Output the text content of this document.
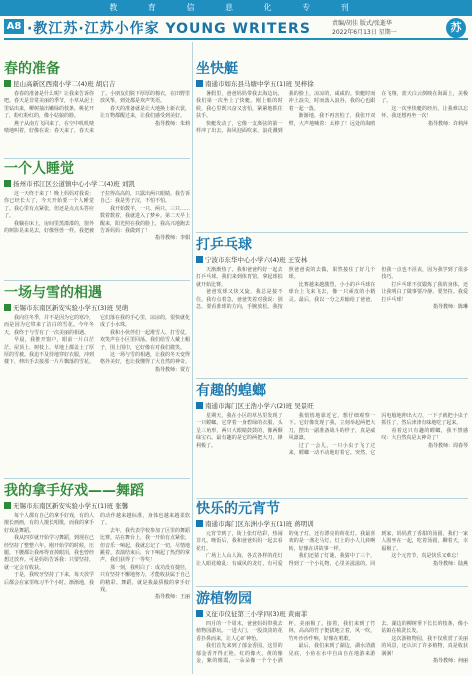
教 育 信 息 化 专 刊
A8 ·教江苏·江苏小作家 YOUNG WRITERS	责编/胡佳 版式/张逝华
2022年6月13日 星期一	苏
春的准备
昆山高新区西南小学二(4)班 胡启吉

春春的准备是什么呢？让我来告诉你吧。春天是非常美丽的季节，小草从泥土里钻出来，柳树抽出嫩绿的枝条，桃花开了，粉红粉红的，像小姑娘的脸。

燕子从南方飞回来了，在空中叽叽喳喳地叫着，好像在说：春天来了，春天来了。小朋友们脱下厚厚的棉衣，在田野里放风筝，到处都是欢声笑语。

春天的准备就是让大地换上新衣裳，让万物都醒过来，让我们感受到美好。

指导教师：朱莉
一个人睡觉
扬州市邗江区公道镇中心小学二(4)班 刘凯

这一天终于来了！晚上妈妈对我说：你已经长大了，今天开始要一个人睡觉了。我心里有点紧张，但还是点点头答应了。

我躺在床上，房间里黑漆漆的，窗外的树影晃来晃去，好像怪兽一样。我把被子拉得高高的，只露出两只眼睛。我告诉自己：我是男子汉，不怕不怕。

我开始数羊，一只、两只、三只……数着数着，我就进入了梦乡。第二天早上醒来，阳光照在我的脸上，我高兴地跑去告诉妈妈：我做到了！

指导教师：李娟
一场与雪的相遇
无锡市东南区新安实验小学五(3)班 吴萌

我向往冬季，并不是因为它的寒冷，而是因为它带来了洁白的雪花。今年冬天，我终于与雪有了一次美丽的相遇。

早晨，我推开窗户，眼前一片白茫茫。屋顶上、树枝上、草地上都盖上了厚厚的雪被。我迫不及待地穿好衣服，冲到楼下，伸出手去接那一片片飘落的雪花。它们落在我的手心里，凉凉的，很快就化成了小水珠。

我和小伙伴们一起堆雪人、打雪仗，欢笑声在小区里回荡。我们给雪人戴上帽子，围上围巾，它好像在对我们微笑。

这一场与雪的相遇，让我的冬天变得格外美好，也让我懂得了大自然的神奇。

指导教师：贾方
我的拿手好戏——舞蹈
无锡市东南区新安实验小学五(1)班 张馨

每个人都有自己的拿手好戏，有的人擅长画画，有的人擅长唱歌，而我的拿手好戏是舞蹈。

我从四岁就开始学习舞蹈，到现在已经坚持了整整六年。刚开始学的时候，压腿、下腰都让我疼得直掉眼泪，我也曾经想过放弃。可是妈妈告诉我：只要坚持，就一定会有收获。

于是，我咬牙坚持了下来，每天放学后都会在家里练习半个小时。渐渐地，我的动作越来越标准，身体也越来越柔软了。

去年，我代表学校参加了区里的舞蹈比赛。站在舞台上，我一开始有点紧张，但音乐一响起，我就忘记了一切，尽情地跳着。表演结束后，台下响起了热烈的掌声，我们获得了一等奖！

那一刻，我明白了：成功没有捷径，只有坚持不懈地努力，才能收获属于自己的精彩。舞蹈，就是我最骄傲的拿手好戏。

指导教师：王丽
坐快艇
南通市如东县马塘中学五(1)班 吴梓徐

暑假里，爸爸妈妈带我去海边玩，我们第一次坐上了快艇。刚上船的时候，我心里既兴奋又害怕，紧紧地抓住扶手。

快艇发动了，它像一支离弦的箭一样冲了出去。海风迎面吹来，浪花溅到我的脸上，凉凉的，咸咸的。快艇时而冲上浪尖，时而落入浪谷，我的心也跟着一起一落。

渐渐地，我不再害怕了，我张开双臂，大声地喊着：太棒了！远处的海鸥在飞翔，蓝天白云倒映在海面上，美极了。

这一次坐快艇的经历，让我难以忘怀，我还想再坐一次！

指导教师：许莉萍
打乒乓球
宁波市东华中心小学六(4)班 王安林

天渐渐热了，我和爸爸约好一起去打乒乓球。我们来到体育馆，拿起球拍就开始比赛。

爸爸发球又快又旋，我总是接不住。我有点着急，爸爸笑着对我说：别急，要看准球的方向，手腕放松。我按照爸爸说的去做，果然接住了好几个球。

比赛越来越激烈，小小的乒乓球在球台上飞来飞去，像一只顽皮的小精灵。最后，我以一分之差输给了爸爸，但我一点也不沮丧，因为我学到了很多技巧。

打乒乓球不仅锻炼了我的身体，还让我明白了做事要冷静、要坚持。我爱打乒乓球！

指导教师：陈琳
有趣的蝗螂
南通市海门区王浩小学六(2)班 吴景旺

星期天，我在小区的草丛里发现了一只螳螂。它穿着一身碧绿的衣服，头呈三角形，两只大眼睛鼓鼓的，像两颗绿宝石。最有趣的是它的两把大刀，锋利极了。

我悄悄地靠近它，想仔细观察一下。它好像发现了我，立刻举起两把大刀，摆出一副准备战斗的样子，真是威风凛凛。

过了一会儿，一只小虫子飞了过来，螳螂一动不动地盯着它。突然，它闪电般地伸出大刀，一下子就把小虫子抓住了，然后津津有味地吃了起来。

看着这只有趣的螳螂，我不禁感叹：大自然真是太神奇了！

指导教师：周春琴
快乐的元宵节
南通市海门区东洲小学五(1)班 蒋明训

元宵节到了，街上张灯结彩，热闹非凡。晚饭后，我和爸爸妈妈一起去看花灯。

广场上人山人海，各式各样的花灯让人眼花缭乱：有威风的龙灯，有可爱的兔子灯，还有漂亮的荷花灯。我最喜欢的是一盏走马灯，灯上的小人儿转啊转，好像在讲故事一样。

我们还猜了灯谜，我猜中了三个，得到了一个小礼物，心里美滋滋的。回到家，妈妈煮了香甜的汤圆，我们一家人围坐在一起，吃着汤圆，聊着天，幸福极了。

这个元宵节，真是快乐又难忘！

指导教师：陆燕
游植物园
义征市仪征第三小学四(3)班 黄雨菲

四月的一个周末，爸爸妈妈带我去植物园游玩。一进大门，一股淡淡的花香扑鼻而来，让人心旷神怡。

我们首先来到了郁金香园，这里的郁金香开得正艳，红的像火，黄的像金，紫的像霞，一朵朵像一个个小酒杯，美丽极了。接着，我们来到了竹林，高高的竹子挺拔地立着，风一吹，竹叶沙沙作响，好像在唱歌。

最后，我们来到了湖边，湖水清澈见底，小鱼在水中自由自在地游来游去。湖边的柳树垂下长长的枝条，像小姑娘在梳洗长发。

这次游植物园，我不仅欣赏了美丽的风景，还认识了许多植物，真是收获满满！

指导教师：何丽
